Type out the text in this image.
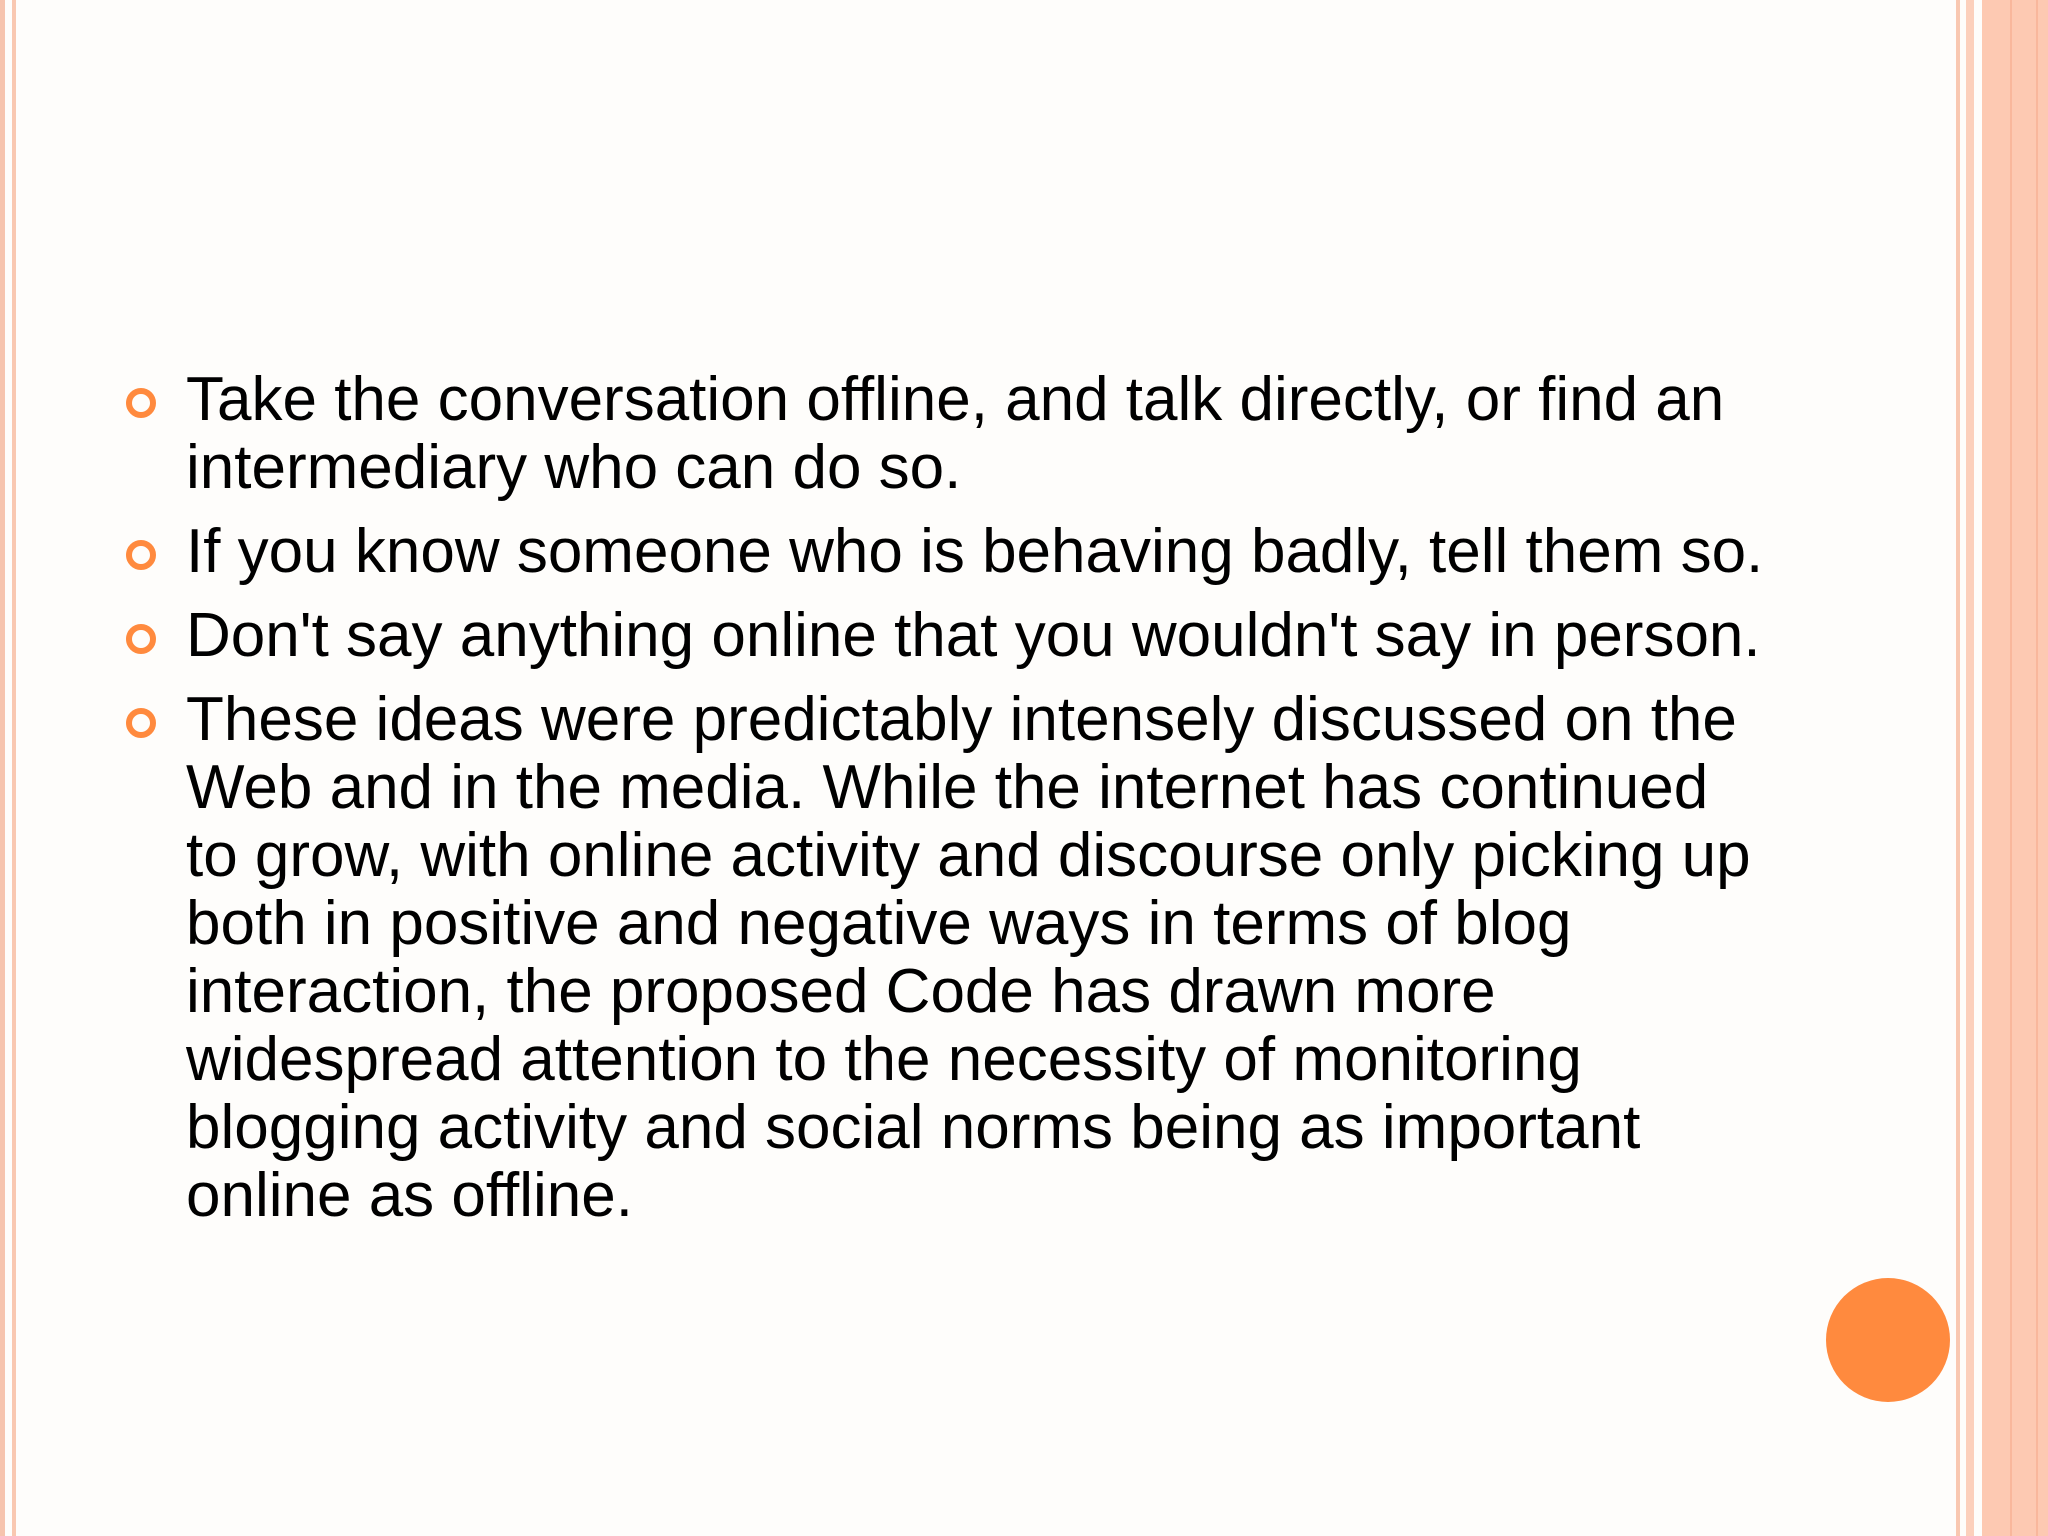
Take the conversation offline, and talk directly, or find an intermediary who can do so.
If you know someone who is behaving badly, tell them so.
Don't say anything online that you wouldn't say in person.
These ideas were predictably intensely discussed on the Web and in the media. While the internet has continued to grow, with online activity and discourse only picking up both in positive and negative ways in terms of blog interaction, the proposed Code has drawn more widespread attention to the necessity of monitoring blogging activity and social norms being as important online as offline.
